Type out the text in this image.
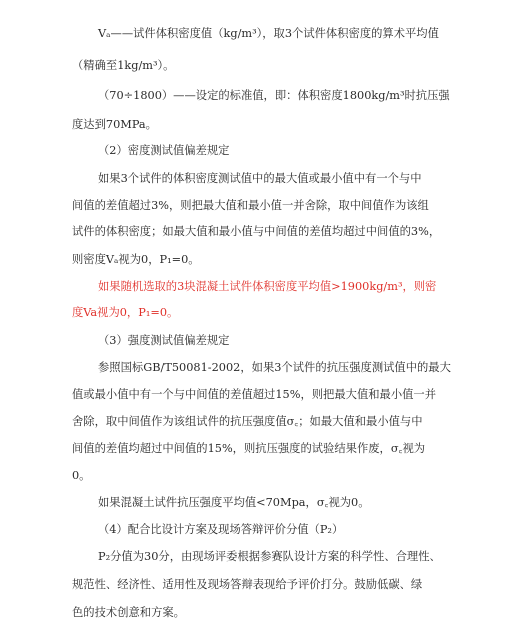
Vₐ——试件体积密度值（kg/m³），取3个试件体积密度的算术平均值
（精确至1kg/m³）。
（70÷1800）——设定的标准值，即：体积密度1800kg/m³时抗压强
度达到70MPa。
（2）密度测试值偏差规定
如果3个试件的体积密度测试值中的最大值或最小值中有一个与中
间值的差值超过3%，则把最大值和最小值一并舍除，取中间值作为该组
试件的体积密度；如最大值和最小值与中间值的差值均超过中间值的3%，
则密度Vₐ视为0，P₁=0。
如果随机选取的3块混凝土试件体积密度平均值>1900kg/m³，则密
度Va视为0，P₁=0。
（3）强度测试值偏差规定
参照国标GB/T50081-2002，如果3个试件的抗压强度测试值中的最大
值或最小值中有一个与中间值的差值超过15%，则把最大值和最小值一并
舍除，取中间值作为该组试件的抗压强度值σ꜀；如最大值和最小值与中
间值的差值均超过中间值的15%，则抗压强度的试验结果作废，σ꜀视为
0。
如果混凝土试件抗压强度平均值<70Mpa，σ꜀视为0。
（4）配合比设计方案及现场答辩评价分值（P₂）
P₂分值为30分，由现场评委根据参赛队设计方案的科学性、合理性、
规范性、经济性、适用性及现场答辩表现给予评价打分。鼓励低碳、绿
色的技术创意和方案。
